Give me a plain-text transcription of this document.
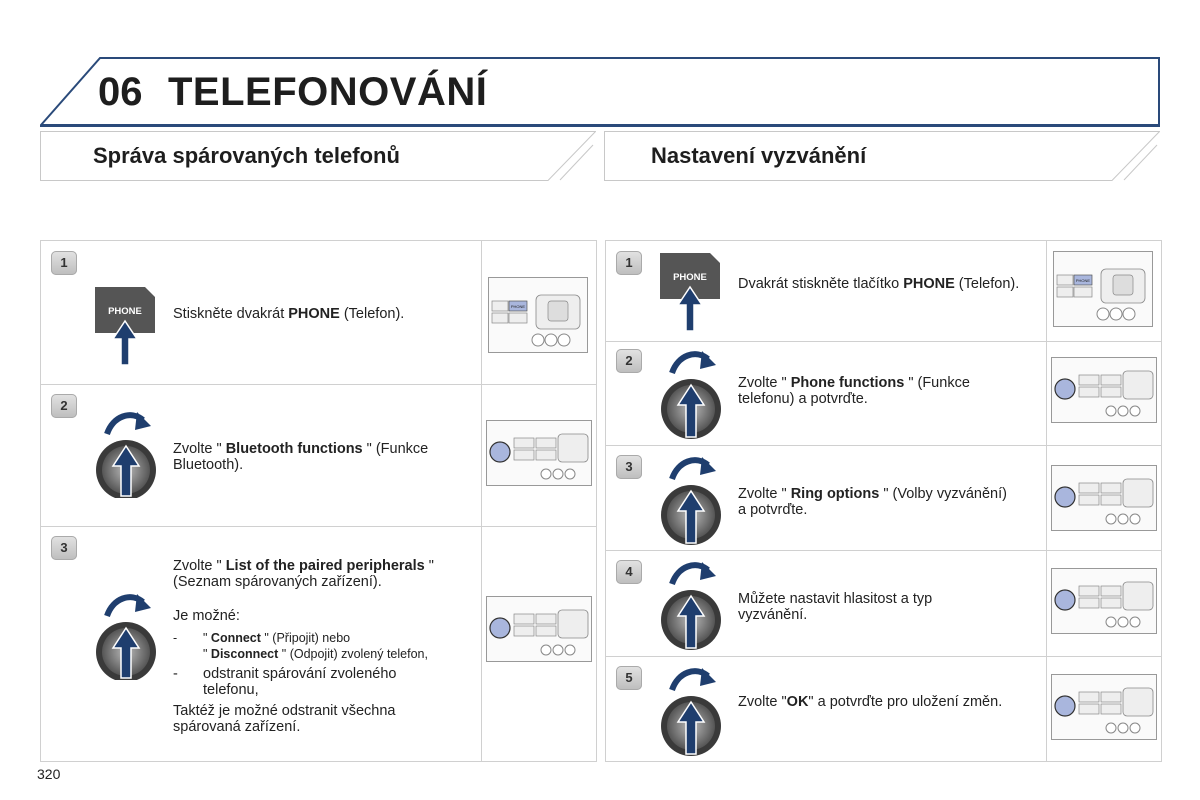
06 TELEFONOVÁNÍ
Správa spárovaných telefonů	Nastavení vyzvánění
1
PHONE Stiskněte dvakrát PHONE (Telefon).	PHONE
2
Zvolte " Bluetooth functions " (Funkce Bluetooth).
3
Zvolte " List of the paired peripherals " (Seznam spárovaných zařízení).
Je možné:
- " Connect " (Připojit) nebo
" Disconnect " (Odpojit) zvolený telefon,
- odstranit spárování zvoleného telefonu,
Taktéž je možné odstranit všechna spárovaná zařízení.
1
PHONE Dvakrát stiskněte tlačítko PHONE (Telefon).	PHONE
2
Zvolte " Phone functions " (Funkce telefonu) a potvrďte.
3
Zvolte " Ring options " (Volby vyzvánění) a potvrďte.
4
Můžete nastavit hlasitost a typ vyzvánění.
5
Zvolte "OK" a potvrďte pro uložení změn.
320
